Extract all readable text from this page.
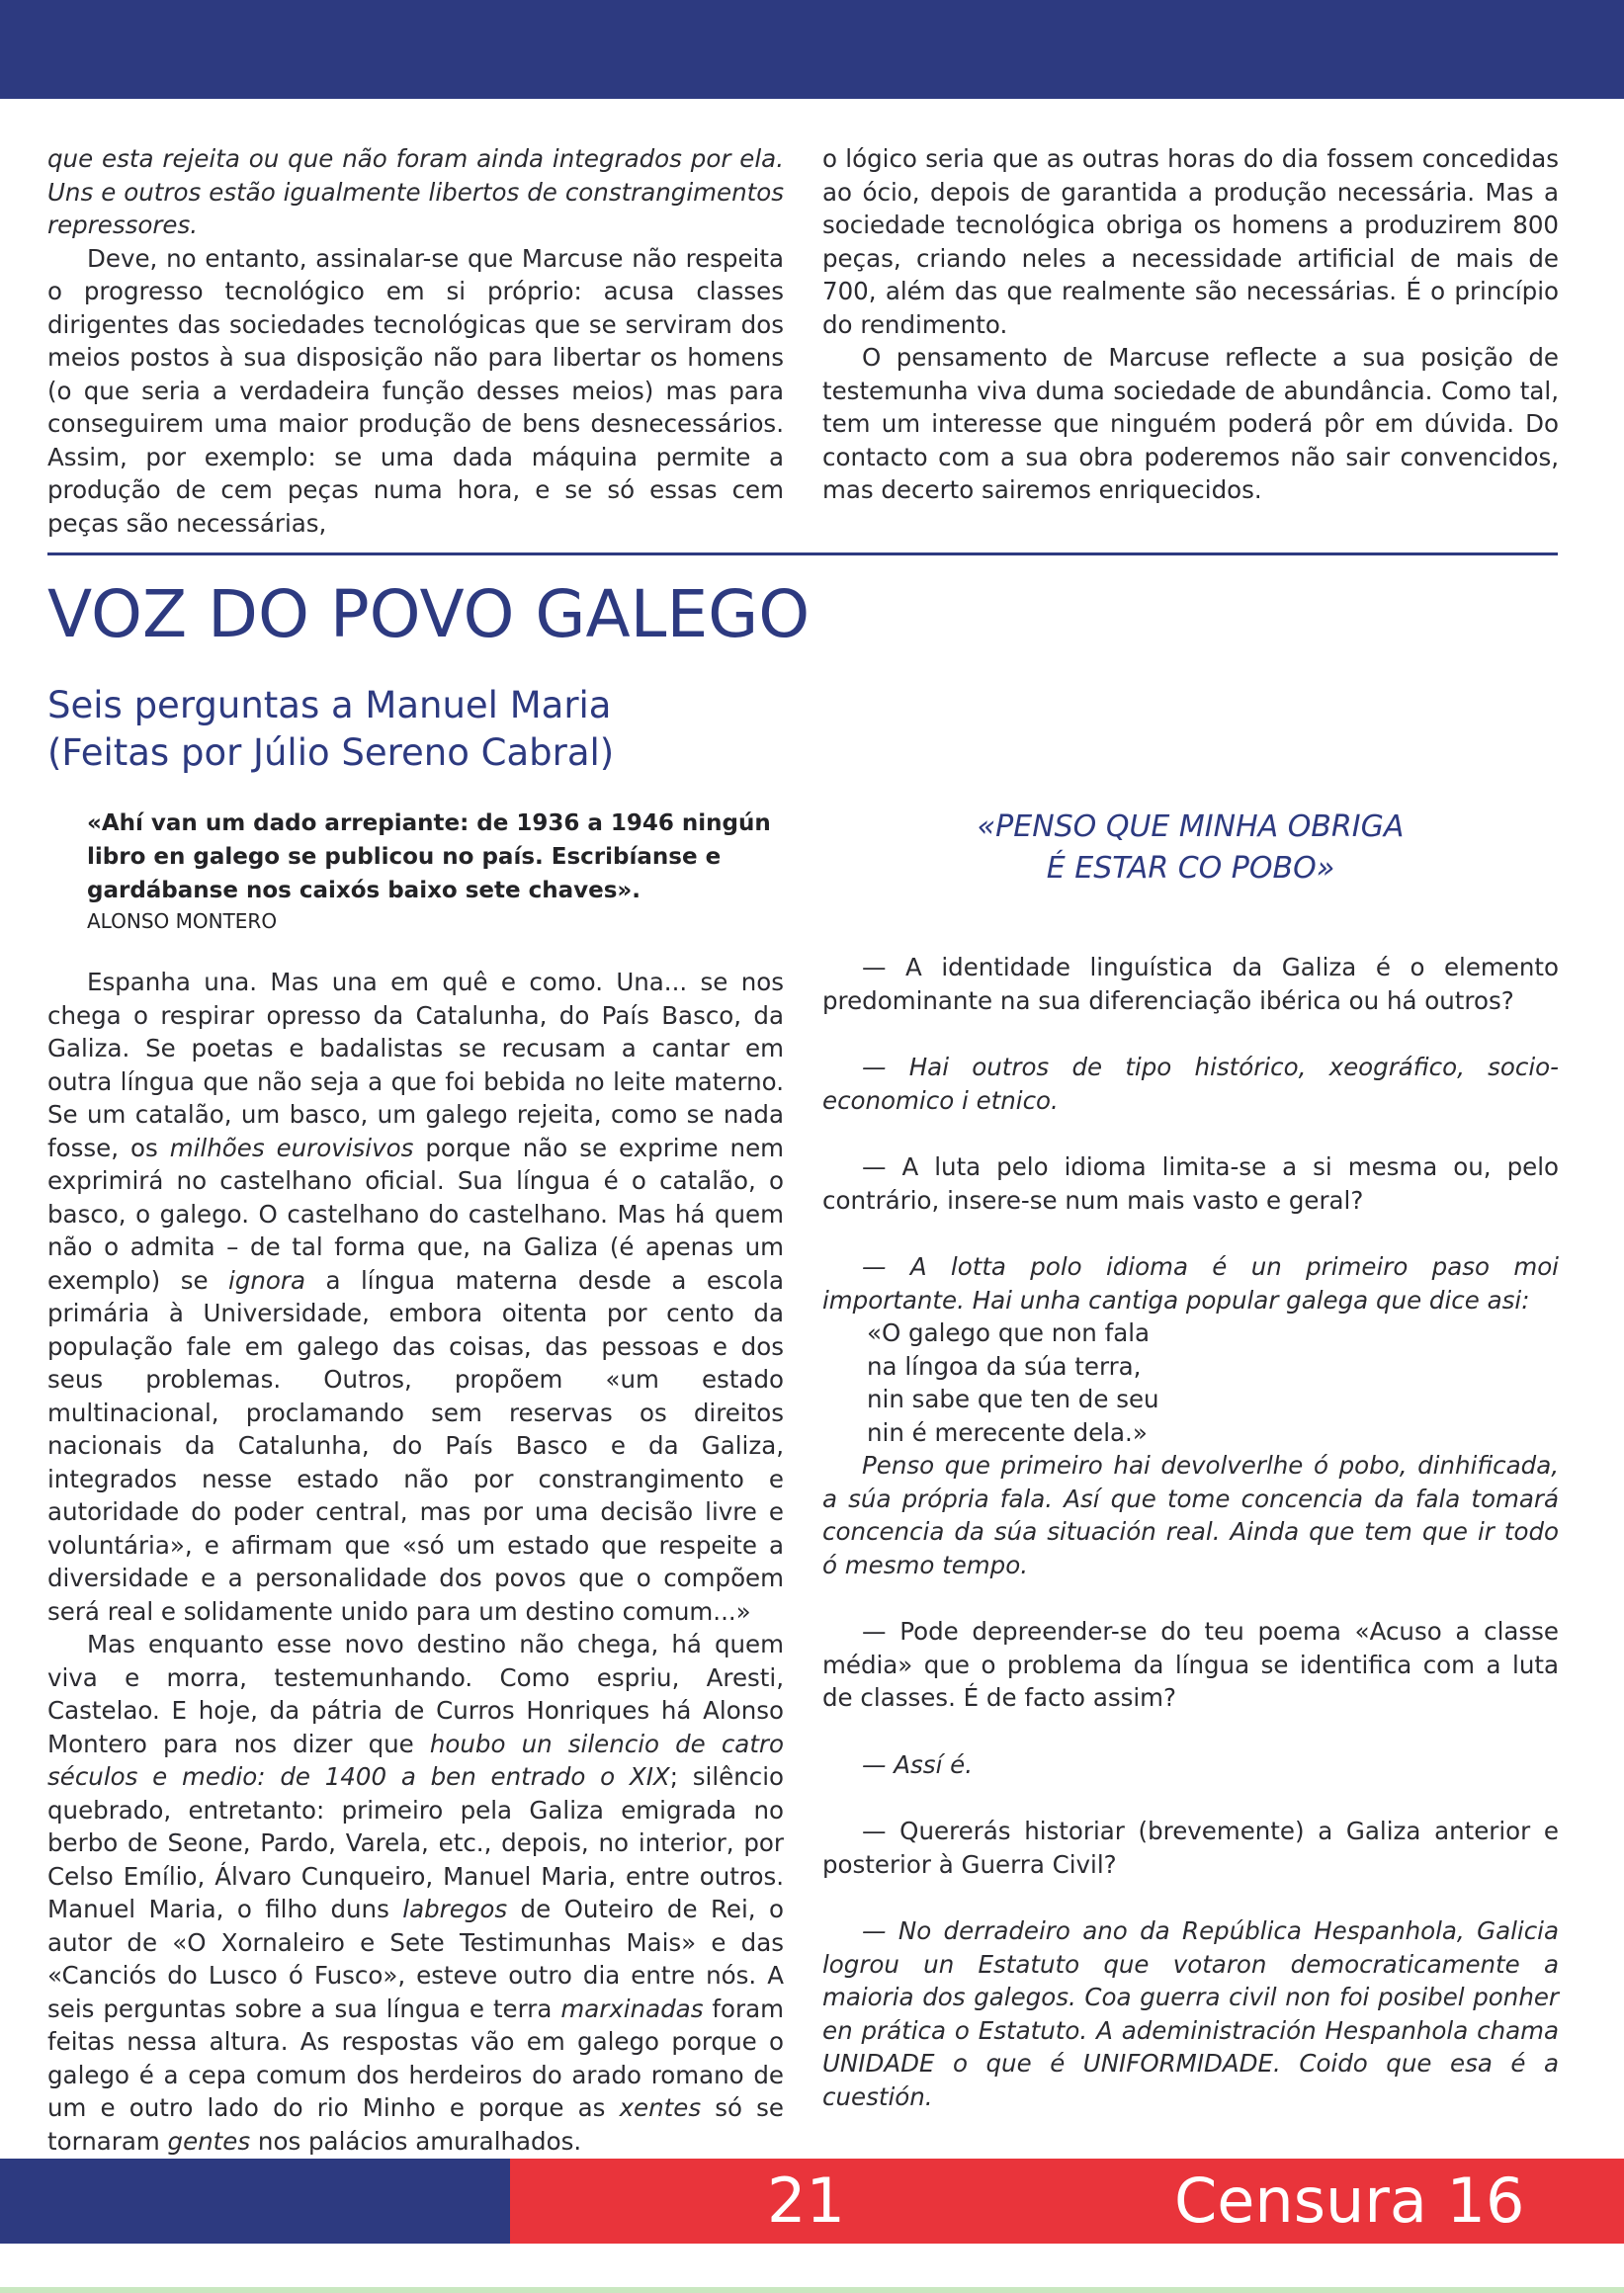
que esta rejeita ou que não foram ainda integrados por ela. Uns e outros estão igualmente libertos de constrangimentos repressores.

Deve, no entanto, assinalar-se que Marcuse não respeita o progresso tecnológico em si próprio: acusa classes dirigentes das sociedades tecnológicas que se serviram dos meios postos à sua disposição não para libertar os homens (o que seria a verdadeira função desses meios) mas para conseguirem uma maior produção de bens desnecessários. Assim, por exemplo: se uma dada máquina permite a produção de cem peças numa hora, e se só essas cem peças são necessárias,

o lógico seria que as outras horas do dia fossem concedidas ao ócio, depois de garantida a produção necessária. Mas a sociedade tecnológica obriga os homens a produzirem 800 peças, criando neles a necessidade artificial de mais de 700, além das que realmente são necessárias. É o princípio do rendimento.

O pensamento de Marcuse reflecte a sua posição de testemunha viva duma sociedade de abundância. Como tal, tem um interesse que ninguém poderá pôr em dúvida. Do contacto com a sua obra poderemos não sair convencidos, mas decerto sairemos enriquecidos.

VOZ DO POVO GALEGO
Seis perguntas a Manuel Maria
(Feitas por Júlio Sereno Cabral)

«Ahí van um dado arrepiante: de 1936 a 1946 ningún libro en galego se publicou no país. Escribíanse e gardábanse nos caixós baixo sete chaves».

ALONSO MONTERO

Espanha una. Mas una em quê e como. Una... se nos chega o respirar opresso da Catalunha, do País Basco, da Galiza. Se poetas e badalistas se recusam a cantar em outra língua que não seja a que foi bebida no leite materno. Se um catalão, um basco, um galego rejeita, como se nada fosse, os milhões eurovisivos porque não se exprime nem exprimirá no castelhano oficial. Sua língua é o catalão, o basco, o galego. O castelhano do castelhano. Mas há quem não o admita – de tal forma que, na Galiza (é apenas um exemplo) se ignora a língua materna desde a escola primária à Universidade, embora oitenta por cento da população fale em galego das coisas, das pessoas e dos seus problemas. Outros, propõem «um estado multinacional, proclamando sem reservas os direitos nacionais da Catalunha, do País Basco e da Galiza, integrados nesse estado não por constrangimento e autoridade do poder central, mas por uma decisão livre e voluntária», e afirmam que «só um estado que respeite a diversidade e a personalidade dos povos que o compõem será real e solidamente unido para um destino comum...»

Mas enquanto esse novo destino não chega, há quem viva e morra, testemunhando. Como espriu, Aresti, Castelao. E hoje, da pátria de Curros Honriques há Alonso Montero para nos dizer que houbo un silencio de catro séculos e medio: de 1400 a ben entrado o XIX; silêncio quebrado, entretanto: primeiro pela Galiza emigrada no berbo de Seone, Pardo, Varela, etc., depois, no interior, por Celso Emílio, Álvaro Cunqueiro, Manuel Maria, entre outros. Manuel Maria, o filho duns labregos de Outeiro de Rei, o autor de «O Xornaleiro e Sete Testimunhas Mais» e das «Canciós do Lusco ó Fusco», esteve outro dia entre nós. A seis perguntas sobre a sua língua e terra marxinadas foram feitas nessa altura. As respostas vão em galego porque o galego é a cepa comum dos herdeiros do arado romano de um e outro lado do rio Minho e porque as xentes só se tornaram gentes nos palácios amuralhados.

«PENSO QUE MINHA OBRIGA
É ESTAR CO POBO»

— A identidade linguística da Galiza é o elemento predominante na sua diferenciação ibérica ou há outros?

— Hai outros de tipo histórico, xeográfico, socio-economico i etnico.

— A luta pelo idioma limita-se a si mesma ou, pelo contrário, insere-se num mais vasto e geral?

— A lotta polo idioma é un primeiro paso moi importante. Hai unha cantiga popular galega que dice asi:

«O galego que non fala
na língoa da súa terra,
nin sabe que ten de seu
nin é merecente dela.»

Penso que primeiro hai devolverlhe ó pobo, dinhificada, a súa própria fala. Así que tome concencia da fala tomará concencia da súa situación real. Ainda que tem que ir todo ó mesmo tempo.

— Pode depreender-se do teu poema «Acuso a classe média» que o problema da língua se identifica com a luta de classes. É de facto assim?

— Assí é.

— Quererás historiar (brevemente) a Galiza anterior e posterior à Guerra Civil?

— No derradeiro ano da República Hespanhola, Galicia logrou un Estatuto que votaron democraticamente a maioria dos galegos. Coa guerra civil non foi posibel ponher en prática o Estatuto. A adeministración Hespanhola chama UNIDADE o que é UNIFORMIDADE. Coido que esa é a cuestión.

21	Censura 16
